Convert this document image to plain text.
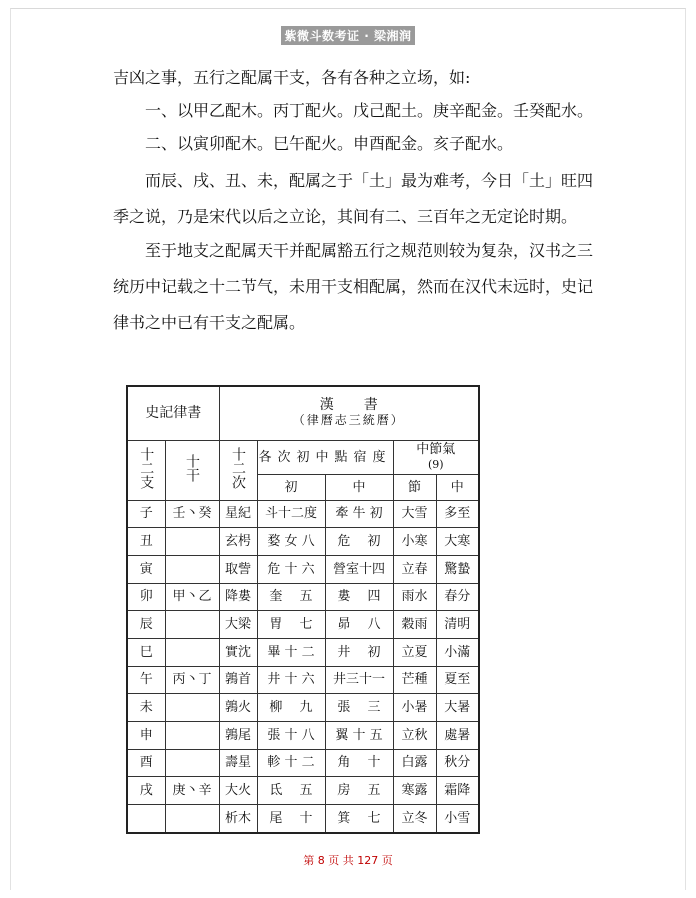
紫微斗数考证 · 梁湘润

吉凶之事，五行之配属干支，各有各种之立场，如:

一、以甲乙配木。丙丁配火。戊己配土。庚辛配金。壬癸配水。

二、以寅卯配木。巳午配火。申酉配金。亥子配水。

而辰、戌、丑、未，配属之于「土」最为难考，今日「土」旺四季之说，乃是宋代以后之立论，其间有二、三百年之无定论时期。

至于地支之配属天干并配属豁五行之规范则较为复杂，汉书之三统历中记载之十二节气，未用干支相配属，然而在汉代末远时，史记律书之中已有干支之配属。

史記律書		漢書
（律曆志三統曆）				

十二支	十干	十二次	各次初中點宿度		中節氣
(9)	

			初	中	節	中
子	壬丶癸	星紀	斗十二度	牽 牛 初	大雪	多至
丑		玄枵	婺 女 八	危　 初	小寒	大寒
寅		取訾	危 十 六	營室十四	立春	驚蟄
卯	甲丶乙	降婁	奎　 五	婁　 四	雨水	春分
辰		大梁	胃　 七	昴　 八	穀雨	清明
巳		實沈	畢 十 二	井　 初	立夏	小滿
午	丙丶丁	鶉首	井 十 六	井三十一	芒種	夏至
未		鶉火	柳　 九	張　 三	小暑	大暑
申		鶉尾	張 十 八	翼 十 五	立秋	處暑
酉		壽星	軫 十 二	角　 十	白露	秋分
戌	庚丶辛	大火	氐　 五	房　 五	寒露	霜降
		析木	尾　 十	箕　 七	立冬	小雪
第 8 页 共 127 页
